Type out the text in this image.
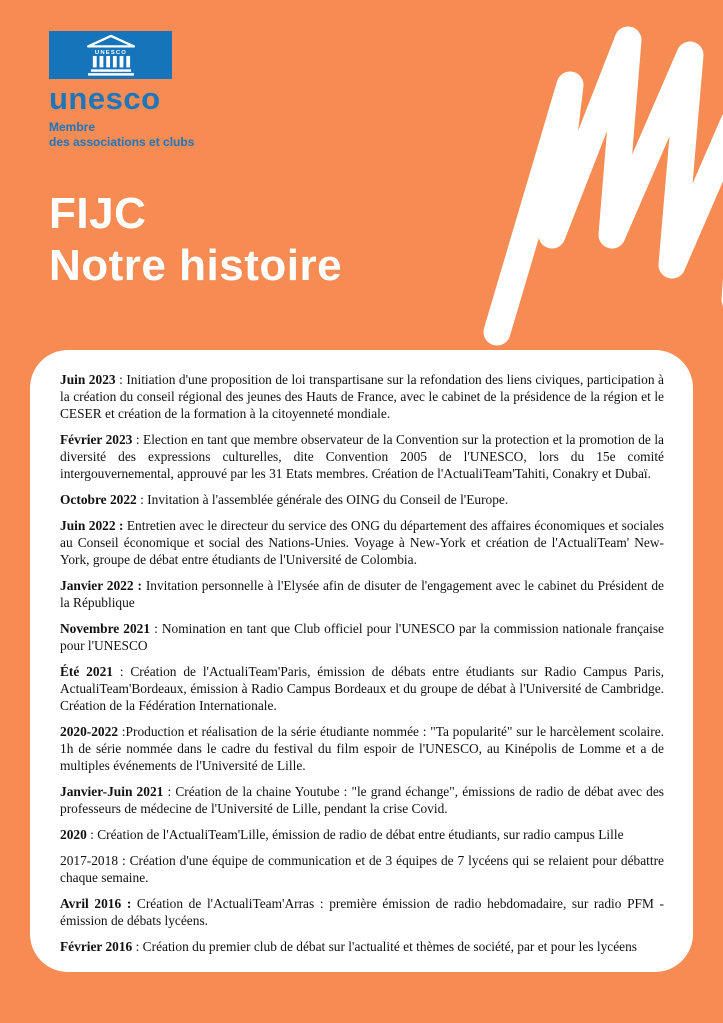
UNESCO
unesco
Membre
des associations et clubs
FIJC
Notre histoire

Juin 2023 : Initiation d'une proposition de loi transpartisane sur la refondation des liens civiques, participation à la création du conseil régional des jeunes des Hauts de France, avec le cabinet de la présidence de la région et le CESER et création de la formation à la citoyenneté mondiale.

Février 2023 : Election en tant que membre observateur de la Convention sur la protection et la promotion de la diversité des expressions culturelles, dite Convention 2005 de l'UNESCO, lors du 15e comité intergouvernemental, approuvé par les 31 Etats membres. Création de l'ActualiTeam'Tahiti, Conakry et Dubaï.

Octobre 2022 : Invitation à l'assemblée générale des OING du Conseil de l'Europe.

Juin 2022 : Entretien avec le directeur du service des ONG du département des affaires économiques et sociales au Conseil économique et social des Nations-Unies. Voyage à New-York et création de l'ActualiTeam' New-York, groupe de débat entre étudiants de l'Université de Colombia.

Janvier 2022 : Invitation personnelle à l'Elysée afin de disuter de l'engagement avec le cabinet du Président de la République

Novembre 2021 : Nomination en tant que Club officiel pour l'UNESCO par la commission nationale française pour l'UNESCO

Été 2021 : Création de l'ActualiTeam'Paris, émission de débats entre étudiants sur Radio Campus Paris, ActualiTeam'Bordeaux, émission à Radio Campus Bordeaux et du groupe de débat à l'Université de Cambridge. Création de la Fédération Internationale.

2020-2022 :Production et réalisation de la série étudiante nommée : "Ta popularité" sur le harcèlement scolaire. 1h de série nommée dans le cadre du festival du film espoir de l'UNESCO, au Kinépolis de Lomme et a de multiples événements de l'Université de Lille.

Janvier-Juin 2021 : Création de la chaine Youtube : "le grand échange", émissions de radio de débat avec des professeurs de médecine de l'Université de Lille, pendant la crise Covid.

2020 : Création de l'ActualiTeam'Lille, émission de radio de débat entre étudiants, sur radio campus Lille

2017-2018 : Création d'une équipe de communication et de 3 équipes de 7 lycéens qui se relaient pour débattre chaque semaine.

Avril 2016 : Création de l'ActualiTeam'Arras : première émission de radio hebdomadaire, sur radio PFM - émission de débats lycéens.

Février 2016 : Création du premier club de débat sur l'actualité et thèmes de société, par et pour les lycéens
